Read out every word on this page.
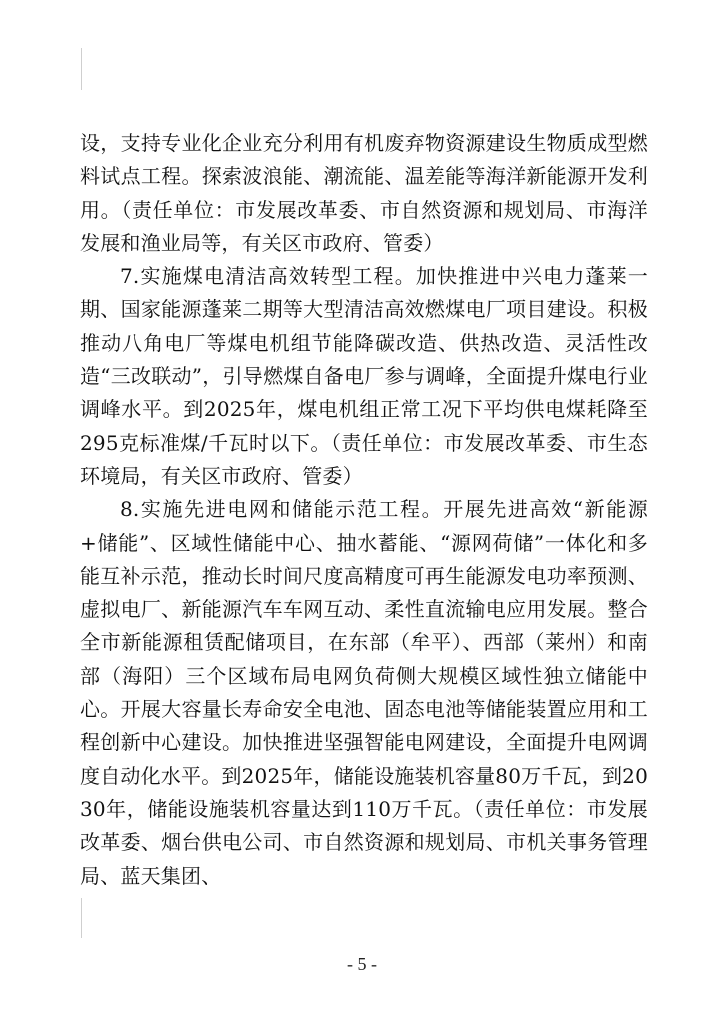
设，支持专业化企业充分利用有机废弃物资源建设生物质成型燃料试点工程。探索波浪能、潮流能、温差能等海洋新能源开发利用。（责任单位：市发展改革委、市自然资源和规划局、市海洋发展和渔业局等，有关区市政府、管委）

7.实施煤电清洁高效转型工程。加快推进中兴电力蓬莱一期、国家能源蓬莱二期等大型清洁高效燃煤电厂项目建设。积极推动八角电厂等煤电机组节能降碳改造、供热改造、灵活性改造“三改联动”，引导燃煤自备电厂参与调峰，全面提升煤电行业调峰水平。到2025年，煤电机组正常工况下平均供电煤耗降至295克标准煤/千瓦时以下。（责任单位：市发展改革委、市生态环境局，有关区市政府、管委）

8.实施先进电网和储能示范工程。开展先进高效“新能源+储能”、区域性储能中心、抽水蓄能、“源网荷储”一体化和多能互补示范，推动长时间尺度高精度可再生能源发电功率预测、虚拟电厂、新能源汽车车网互动、柔性直流输电应用发展。整合全市新能源租赁配储项目，在东部（牟平）、西部（莱州）和南部（海阳）三个区域布局电网负荷侧大规模区域性独立储能中心。开展大容量长寿命安全电池、固态电池等储能装置应用和工程创新中心建设。加快推进坚强智能电网建设，全面提升电网调度自动化水平。到2025年，储能设施装机容量80万千瓦，到2030年，储能设施装机容量达到110万千瓦。（责任单位：市发展改革委、烟台供电公司、市自然资源和规划局、市机关事务管理局、蓝天集团、

- 5 -
